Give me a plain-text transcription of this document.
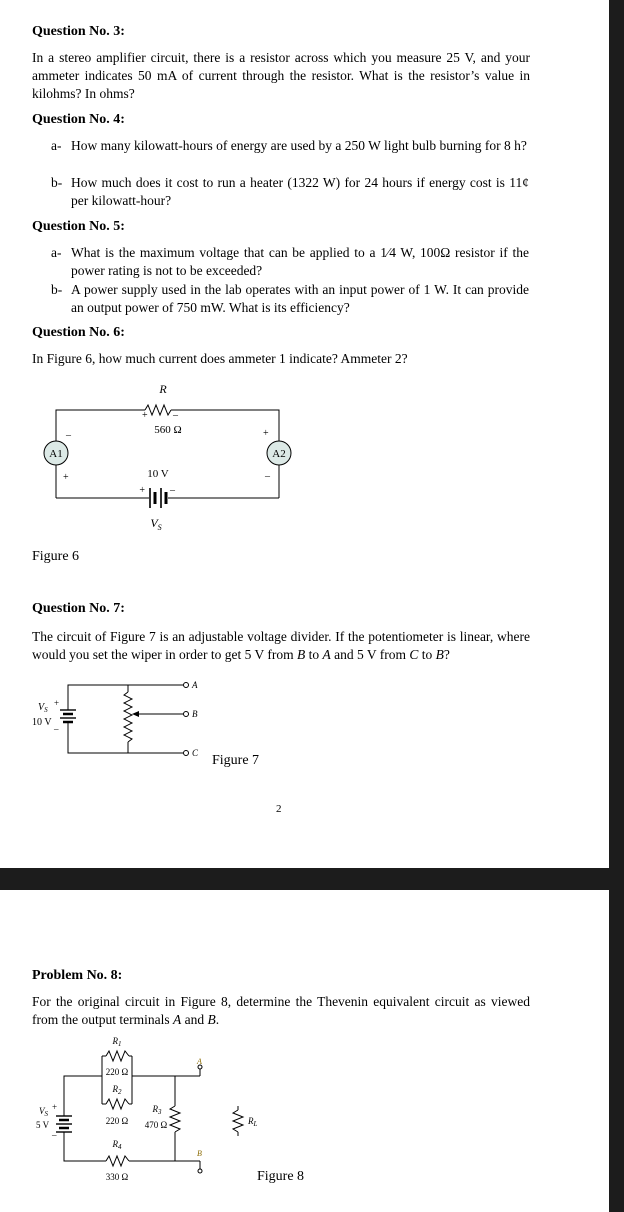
Question No. 3:
In a stereo amplifier circuit, there is a resistor across which you measure 25 V, and your ammeter indicates 50 mA of current through the resistor. What is the resistor’s value in kilohms? In ohms?
Question No. 4:
a- How many kilowatt-hours of energy are used by a 250 W light bulb burning for 8 h?
b- How much does it cost to run a heater (1322 W) for 24 hours if energy cost is 11¢ per kilowatt-hour?
Question No. 5:
a- What is the maximum voltage that can be applied to a 1⁄4 W, 100Ω resistor if the power rating is not to be exceeded?
b- A power supply used in the lab operates with an input power of 1 W. It can provide an output power of 750 mW. What is its efficiency?
Question No. 6:
In Figure 6, how much current does ammeter 1 indicate? Ammeter 2?
R
+	–
560 Ω
–
+
+
–
A1	A2
10 V
+	–
$V_S$
Figure 6
Question No. 7:
The circuit of Figure 7 is an adjustable voltage divider. If the potentiometer is linear, where would you set the wiper in order to get 5 V from B to A and 5 V from C to B?
$V_S$
+
10 V
–
A
B
C Figure 7
2
Problem No. 8:
For the original circuit in Figure 8, determine the Thevenin equivalent circuit as viewed from the output terminals A and B.
$R_1$
220 Ω
$R_2$
220 Ω
$R_3$
470 Ω
$R_4$
330 Ω
$R_L$
A
B
$V_S$
+
5 V
–
Figure 8
